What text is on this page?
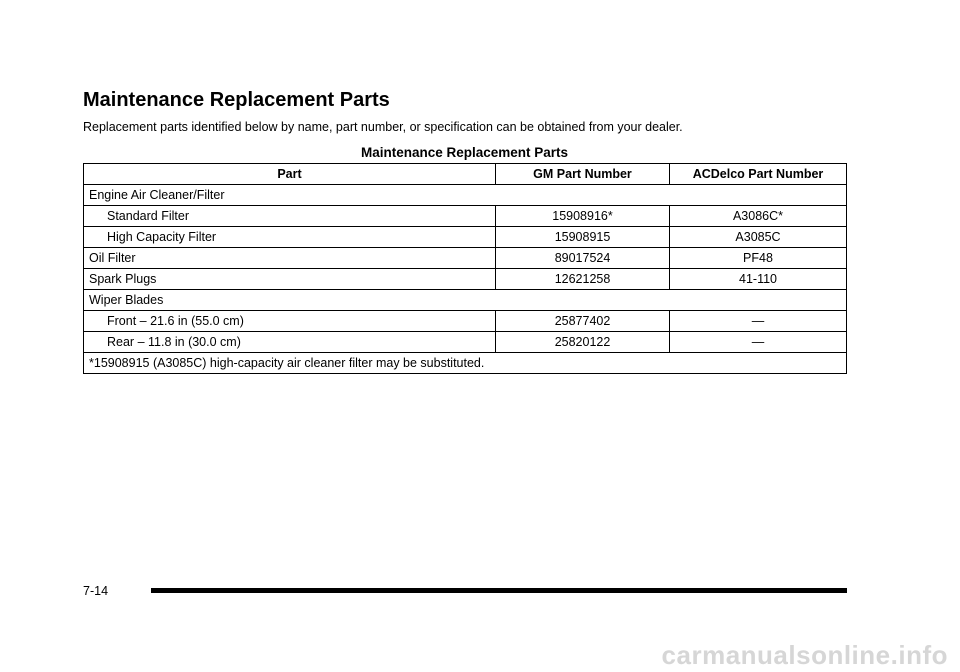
Maintenance Replacement Parts

Replacement parts identified below by name, part number, or specification can be obtained from your dealer.

Maintenance Replacement Parts
Part	GM Part Number	ACDelco Part Number
Engine Air Cleaner/Filter		
Standard Filter	15908916*	A3086C*
High Capacity Filter	15908915	A3085C
Oil Filter	89017524	PF48
Spark Plugs	12621258	41-110
Wiper Blades		
Front – 21.6 in (55.0 cm)	25877402	—
Rear – 11.8 in (30.0 cm)	25820122	—
*15908915 (A3085C) high-capacity air cleaner filter may be substituted.		
7-14
carmanualsonline.info
